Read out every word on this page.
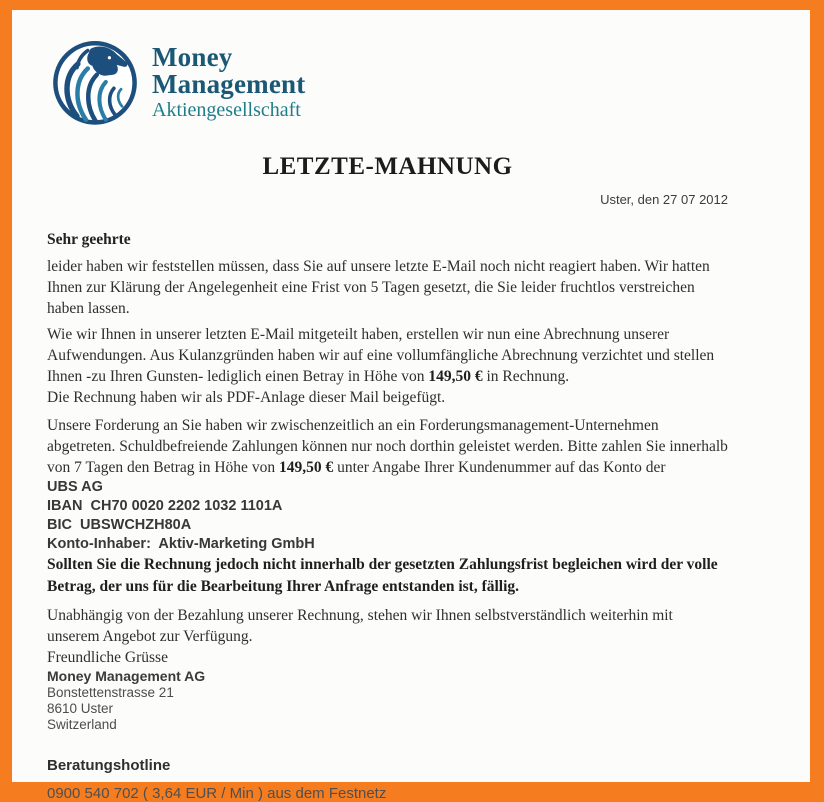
Money
Management
Aktiengesellschaft
LETZTE-MAHNUNG
Uster, den 27 07 2012

Sehr geehrte

leider haben wir feststellen müssen, dass Sie auf unsere letzte E-Mail noch nicht reagiert haben. Wir hatten Ihnen zur Klärung der Angelegenheit eine Frist von 5 Tagen gesetzt, die Sie leider fruchtlos verstreichen haben lassen.

Wie wir Ihnen in unserer letzten E-Mail mitgeteilt haben, erstellen wir nun eine Abrechnung unserer Aufwendungen. Aus Kulanzgründen haben wir auf eine vollumfängliche Abrechnung verzichtet und stellen Ihnen -zu Ihren Gunsten- lediglich einen Betray in Höhe von 149,50 € in Rechnung.

Die Rechnung haben wir als PDF-Anlage dieser Mail beigefügt.

Unsere Forderung an Sie haben wir zwischenzeitlich an ein Forderungsmanagement-Unternehmen abgetreten. Schuldbefreiende Zahlungen können nur noch dorthin geleistet werden. Bitte zahlen Sie innerhalb von 7 Tagen den Betrag in Höhe von 149,50 € unter Angabe Ihrer Kundenummer auf das Konto der

UBS AG
IBAN  CH70 0020 2202 1032 1101A
BIC  UBSWCHZH80A
Konto-Inhaber:  Aktiv-Marketing GmbH

Sollten Sie die Rechnung jedoch nicht innerhalb der gesetzten Zahlungsfrist begleichen wird der volle Betrag, der uns für die Bearbeitung Ihrer Anfrage entstanden ist, fällig.

Unabhängig von der Bezahlung unserer Rechnung, stehen wir Ihnen selbstverständlich weiterhin mit unserem Angebot zur Verfügung.
Freundliche Grüsse

Money Management AG
Bonstettenstrasse 21
8610 Uster
Switzerland
Beratungshotline
0900 540 702 ( 3,64 EUR / Min ) aus dem Festnetz
